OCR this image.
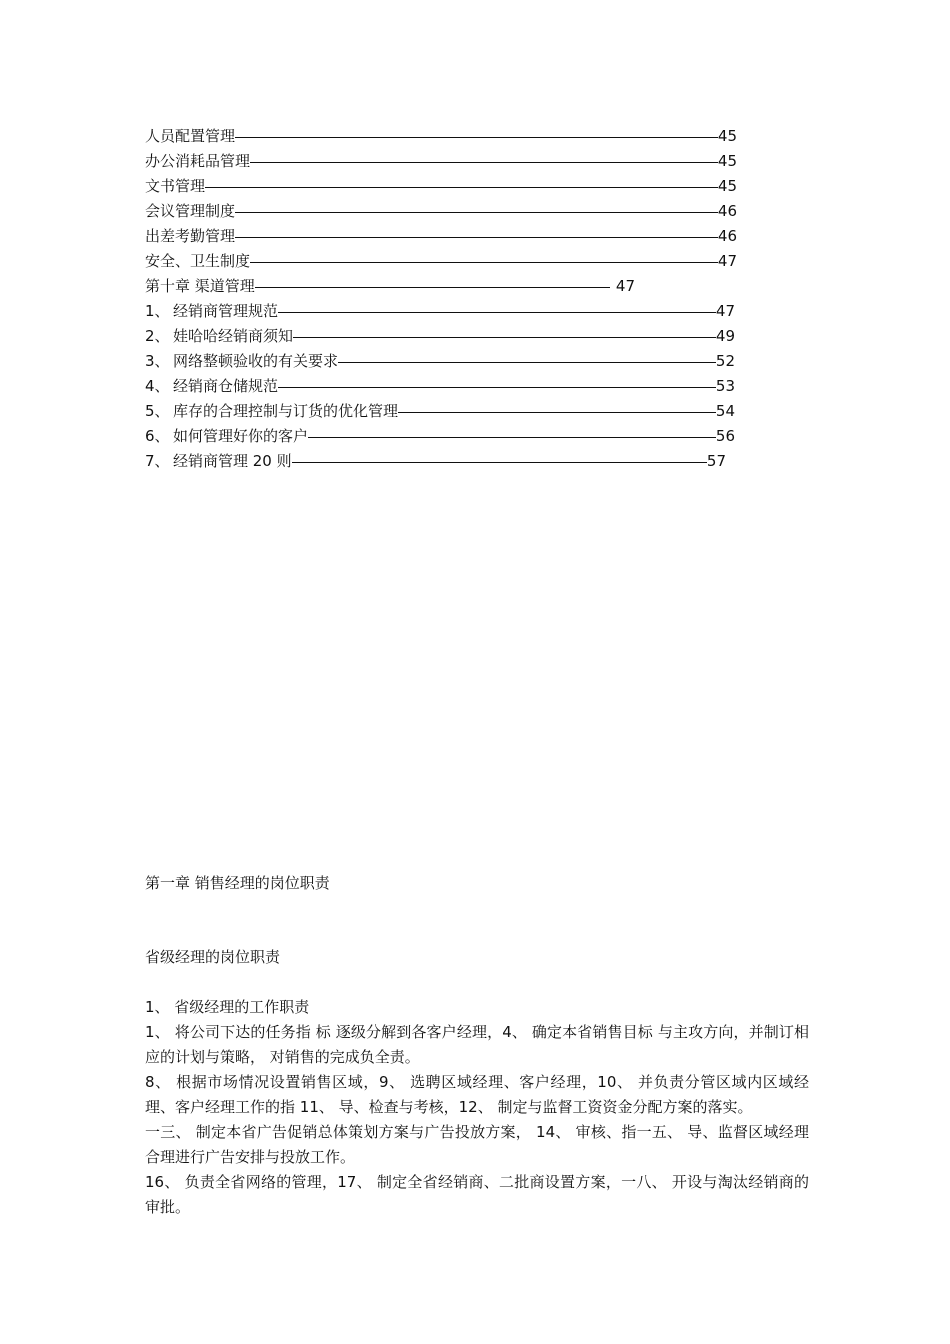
人员配置管理	45
办公消耗品管理	45
文书管理	45
会议管理制度	46
出差考勤管理	46
安全、卫生制度	47
第十章 渠道管理	47
1、 经销商管理规范	47
2、 娃哈哈经销商须知	49
3、 网络整顿验收的有关要求	52
4、 经销商仓储规范	53
5、 库存的合理控制与订货的优化管理	54
6、 如何管理好你的客户	56
7、 经销商管理 20 则	57
第一章 销售经理的岗位职责
省级经理的岗位职责
1、 省级经理的工作职责

1、 将公司下达的任务指 标 逐级分解到各客户经理，4、 确定本省销售目标 与主攻方向，并制订相应的计划与策略， 对销售的完成负全责。

8、 根据市场情况设置销售区域，9、 选聘区域经理、客户经理，10、 并负责分管区域内区域经理、客户经理工作的指 11、 导、检查与考核，12、 制定与监督工资资金分配方案的落实。

一三、 制定本省广告促销总体策划方案与广告投放方案， 14、 审核、指一五、 导、监督区域经理合理进行广告安排与投放工作。

16、 负责全省网络的管理，17、 制定全省经销商、二批商设置方案，一八、 开设与淘汰经销商的审批。
